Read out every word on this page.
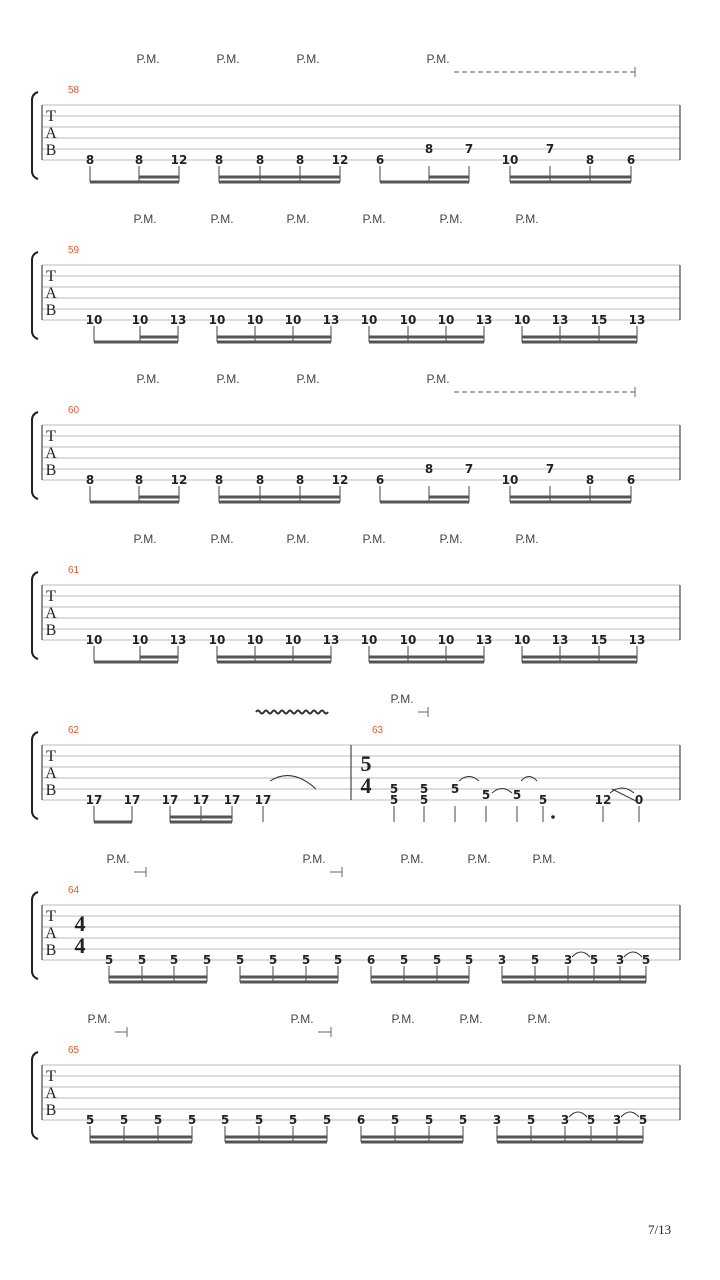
T
A
B
58
P.M.	P.M.	P.M.	P.M.
8	8 12 8	8	8 12 6
8	7
10
7
8	6
T
A
B
59
P.M.	P.M.	P.M.	P.M.	P.M.	P.M.
10 10 13 10 10 10 13 10 10 10 13 10 13 15 13
T
A
B
60
P.M.	P.M.	P.M.	P.M.
8	8 12 8	8	8 12 6
8	7
10
7
8	6
T
A
B
61
P.M.	P.M.	P.M.	P.M.	P.M.	P.M.
10 10 13 10 10 10 13 10 10 10 13 10 13 15 13
T
A
B
62	63
5
4
P.M.
17 17 17 17 17 17
5
5
5
5
5 5 5 5	12 0
T
A
B
64
4
4
P.M.	P.M.	P.M.	P.M.	P.M.
5 5 5 5 5 5 5 5 6 5 5 5 3 5 3 5 3 5
T
A
B
65
P.M.	P.M.	P.M.	P.M.	P.M.
5 5 5 5 5 5 5 5 6 5 5 5 3 5 3 5 3 5
7/13
